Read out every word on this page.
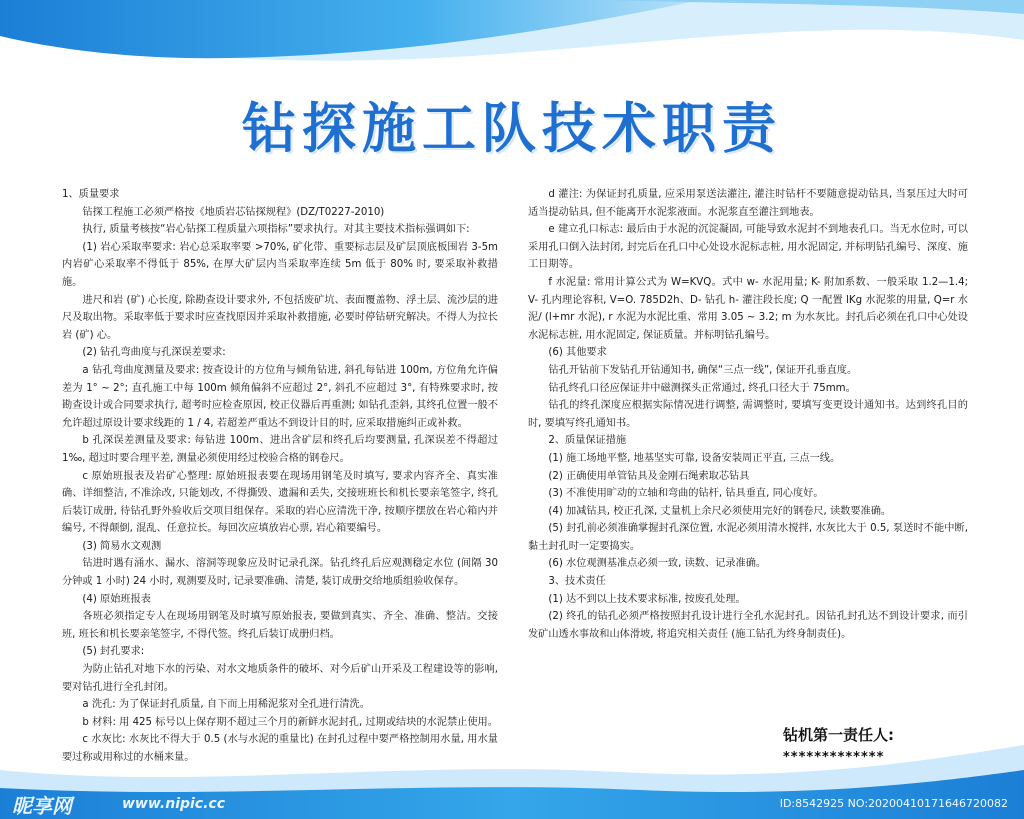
钻探施工队技术职责

1、质量要求

钻探工程施工必须严格按《地质岩芯钻探规程》(DZ/T0227-2010)

执行, 质量考核按“岩心钻探工程质量六项指标”要求执行。对其主要技术指标强调如下:

(1) 岩心采取率要求: 岩心总采取率要 >70%, 矿化带、重要标志层及矿层顶底板围岩 3-5m 内岩矿心采取率不得低于 85%, 在厚大矿层内当采取率连续 5m 低于 80% 时, 要采取补救措施。

进尺和岩 (矿) 心长度, 除勘查设计要求外, 不包括废矿坑、表面覆盖物、浮土层、流沙层的进尺及取出物。采取率低于要求时应查找原因并采取补救措施, 必要时停钻研究解决。不得人为拉长岩 (矿) 心。

(2) 钻孔弯曲度与孔深误差要求:

a 钻孔弯曲度测量及要求: 按查设计的方位角与倾角钻进, 斜孔每钻进 100m, 方位角允许偏差为 1° ~ 2°; 直孔施工中每 100m 倾角偏斜不应超过 2°, 斜孔不应超过 3°, 有特殊要求时, 按勘查设计或合同要求执行, 超考时应检查原因, 校正仪器后再重测; 如钻孔歪斜, 其终孔位置一般不允许超过原设计要求线距的 1 / 4, 若超差严重达不到设计目的时, 应采取措施纠正或补救。

b 孔深误差测量及要求: 每钻进 100m、进出含矿层和终孔后均要测量, 孔深误差不得超过 1‰, 超过时要合理平差, 测量必须使用经过校验合格的钢卷尺。

c 原始班报表及岩矿心整理: 原始班报表要在现场用钢笔及时填写, 要求内容齐全、真实准确、详细整洁, 不准涂改, 只能划改, 不得撕毁、遗漏和丢失, 交接班班长和机长要亲笔签字, 终孔后装订成册, 待钻孔野外验收后交项目组保存。采取的岩心应清洗干净, 按顺序摆放在岩心箱内并编号, 不得颠倒, 混乱、任意拉长。每回次应填放岩心票, 岩心箱要编号。

(3) 简易水文观测

钻进时遇有涌水、漏水、溶洞等现象应及时记录孔深。钻孔终孔后应观测稳定水位 (间隔 30 分钟或 1 小时) 24 小时, 观测要及时, 记录要准确、清楚, 装订成册交给地质组验收保存。

(4) 原始班报表

各班必须指定专人在现场用钢笔及时填写原始报表, 要做到真实、齐全、准确、整洁。交接班, 班长和机长要亲笔签字, 不得代签。终孔后装订成册归档。

(5) 封孔要求:

为防止钻孔对地下水的污染、对水文地质条件的破坏、对今后矿山开采及工程建设等的影响, 要对钻孔进行全孔封闭。

a 洗孔: 为了保证封孔质量, 自下而上用稀泥浆对全孔进行清洗。

b 材料: 用 425 标号以上保存期不超过三个月的新鲜水泥封孔, 过期或结块的水泥禁止使用。

c 水灰比: 水灰比不得大于 0.5 (水与水泥的重量比) 在封孔过程中要严格控制用水量, 用水量要过称或用称过的水桶来量。

d 灌注: 为保证封孔质量, 应采用泵送法灌注, 灌注时钻杆不要随意提动钻具, 当泵压过大时可适当提动钻具, 但不能离开水泥浆液面。水泥浆直至灌注到地表。

e 建立孔口标志: 最后由于水泥的沉淀凝固, 可能导致水泥封不到地表孔口。当无水位时, 可以采用孔口倒入法封闭, 封完后在孔口中心处设水泥标志桩, 用水泥固定, 并标明钻孔编号、深度、施工日期等。

f 水泥量: 常用计算公式为 W=KVQ。式中 w- 水泥用量; K- 附加系数、一般采取 1.2—1.4; V- 孔内理论容积, V=O. 785D2h、D- 钻孔 h- 灌注段长度; Q 一配置 lKg 水泥浆的用量, Q=r 水泥/ (l+mr 水泥), r 水泥为水泥比重、常用 3.05 ~ 3.2; m 为水灰比。封孔后必须在孔口中心处设水泥标志桩, 用水泥固定, 保证质量。并标明钻孔编号。

(6) 其他要求

钻孔开钻前下发钻孔开钻通知书, 确保“三点一线”, 保证开孔垂直度。

钻孔终孔口径应保证井中磁测探头正常通过, 终孔口径大于 75mm。

钻孔的终孔深度应根据实际情况进行调整, 需调整时, 要填写变更设计通知书。达到终孔目的时, 要填写终孔通知书。

2、质量保证措施

(1) 施工场地平整, 地基坚实可靠, 设备安装周正平直, 三点一线。

(2) 正确使用单管钻具及金刚石绳索取芯钻具

(3) 不准使用旷动的立轴和弯曲的钻杆, 钻具垂直, 同心度好。

(4) 加减钻具, 校正孔深, 丈量机上余尺必须使用完好的钢卷尺, 读数要准确。

(5) 封孔前必须准确掌握封孔深位置, 水泥必须用清水搅拌, 水灰比大于 0.5, 泵送时不能中断, 黏土封孔时一定要捣实。

(6) 水位观测基准点必须一致, 读数、记录准确。

3、技术责任

(1) 达不到以上技术要求标准, 按废孔处理。

(2) 终孔的钻孔必须严格按照封孔设计进行全孔水泥封孔。因钻孔封孔达不到设计要求, 而引发矿山透水事故和山体滑坡, 将追究相关责任 (施工钻孔为终身制责任)。

钻机第一责任人:
*************
昵享网	www.nipic.cc	ID:8542925 NO:20200410171646720082
